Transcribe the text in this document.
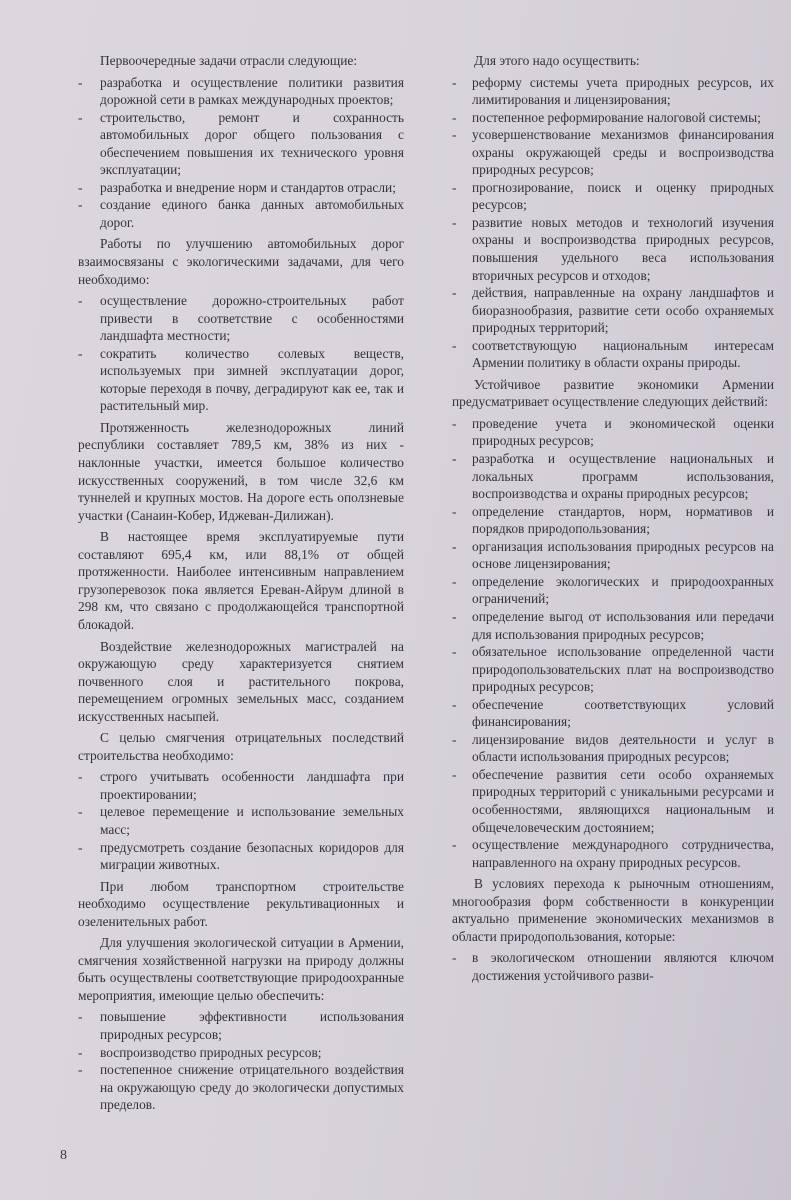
Первоочередные задачи отрасли следующие:

- разработка и осуществление политики развития дорожной сети в рамках международных проектов;
- строительство, ремонт и сохранность автомобильных дорог общего пользования с обеспечением повышения их технического уровня эксплуатации;
- разработка и внедрение норм и стандартов отрасли;
- создание единого банка данных автомобильных дорог.

Работы по улучшению автомобильных дорог взаимосвязаны с экологическими задачами, для чего необходимо:

- осуществление дорожно-строительных работ привести в соответствие с особенностями ландшафта местности;
- сократить количество солевых веществ, используемых при зимней эксплуатации дорог, которые переходя в почву, деградируют как ее, так и растительный мир.

Протяженность железнодорожных линий республики составляет 789,5 км, 38% из них - наклонные участки, имеется большое количество искусственных сооружений, в том числе 32,6 км туннелей и крупных мостов. На дороге есть оползневые участки (Санаин-Кобер, Иджеван-Дилижан).

В настоящее время эксплуатируемые пути составляют 695,4 км, или 88,1% от общей протяженности. Наиболее интенсивным направлением грузоперевозок пока является Ереван-Айрум длиной в 298 км, что связано с продолжающейся транспортной блокадой.

Воздействие железнодорожных магистралей на окружающую среду характеризуется снятием почвенного слоя и растительного покрова, перемещением огромных земельных масс, созданием искусственных насыпей.

С целью смягчения отрицательных последствий строительства необходимо:

- строго учитывать особенности ландшафта при проектировании;
- целевое перемещение и использование земельных масс;
- предусмотреть создание безопасных коридоров для миграции животных.

При любом транспортном строительстве необходимо осуществление рекультивационных и озеленительных работ.

Для улучшения экологической ситуации в Армении, смягчения хозяйственной нагрузки на природу должны быть осуществлены соответствующие природоохранные мероприятия, имеющие целью обеспечить:

- повышение эффективности использования природных ресурсов;
- воспроизводство природных ресурсов;
- постепенное снижение отрицательного воздействия на окружающую среду до экологически допустимых пределов.

Для этого надо осуществить:

- реформу системы учета природных ресурсов, их лимитирования и лицензирования;
- постепенное реформирование налоговой системы;
- усовершенствование механизмов финансирования охраны окружающей среды и воспроизводства природных ресурсов;
- прогнозирование, поиск и оценку природных ресурсов;
- развитие новых методов и технологий изучения охраны и воспроизводства природных ресурсов, повышения удельного веса использования вторичных ресурсов и отходов;
- действия, направленные на охрану ландшафтов и биоразнообразия, развитие сети особо охраняемых природных территорий;
- соответствующую национальным интересам Армении политику в области охраны природы.

Устойчивое развитие экономики Армении предусматривает осуществление следующих действий:

- проведение учета и экономической оценки природных ресурсов;
- разработка и осуществление национальных и локальных программ использования, воспроизводства и охраны природных ресурсов;
- определение стандартов, норм, нормативов и порядков природопользования;
- организация использования природных ресурсов на основе лицензирования;
- определение экологических и природоохранных ограничений;
- определение выгод от использования или передачи для использования природных ресурсов;
- обязательное использование определенной части природопользовательских плат на воспроизводство природных ресурсов;
- обеспечение соответствующих условий финансирования;
- лицензирование видов деятельности и услуг в области использования природных ресурсов;
- обеспечение развития сети особо охраняемых природных территорий с уникальными ресурсами и особенностями, являющихся национальным и общечеловеческим достоянием;
- осуществление международного сотрудничества, направленного на охрану природных ресурсов.

В условиях перехода к рыночным отношениям, многообразия форм собственности в конкуренции актуально применение экономических механизмов в области природопользования, которые:

- в экологическом отношении являются ключом достижения устойчивого разви-
8
